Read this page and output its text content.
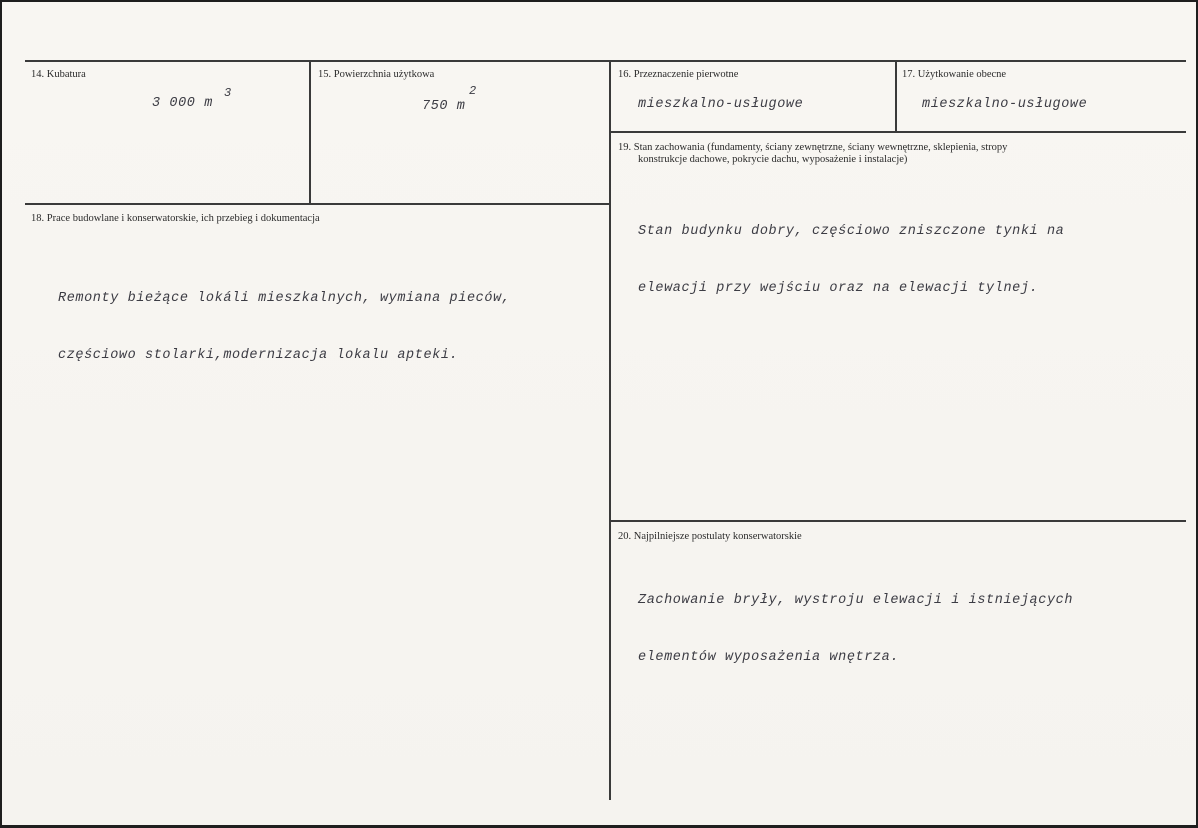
14. Kubatura
3 000 m
3
15. Powierzchnia użytkowa
750 m
2
16. Przeznaczenie pierwotne
mieszkalno-usługowe
17. Użytkowanie obecne
mieszkalno-usługowe
19. Stan zachowania (fundamenty, ściany zewnętrzne, ściany wewnętrzne, sklepienia, stropy
konstrukcje dachowe, pokrycie dachu, wyposażenie i instalacje)

Stan budynku dobry, częściowo zniszczone tynki na

elewacji przy wejściu oraz na elewacji tylnej.

18. Prace budowlane i konserwatorskie, ich przebieg i dokumentacja

Remonty bieżące lokáli mieszkalnych, wymiana pieców,

częściowo stolarki,modernizacja lokalu apteki.

20. Najpilniejsze postulaty konserwatorskie

Zachowanie bryły, wystroju elewacji i istniejących

elementów wyposażenia wnętrza.
